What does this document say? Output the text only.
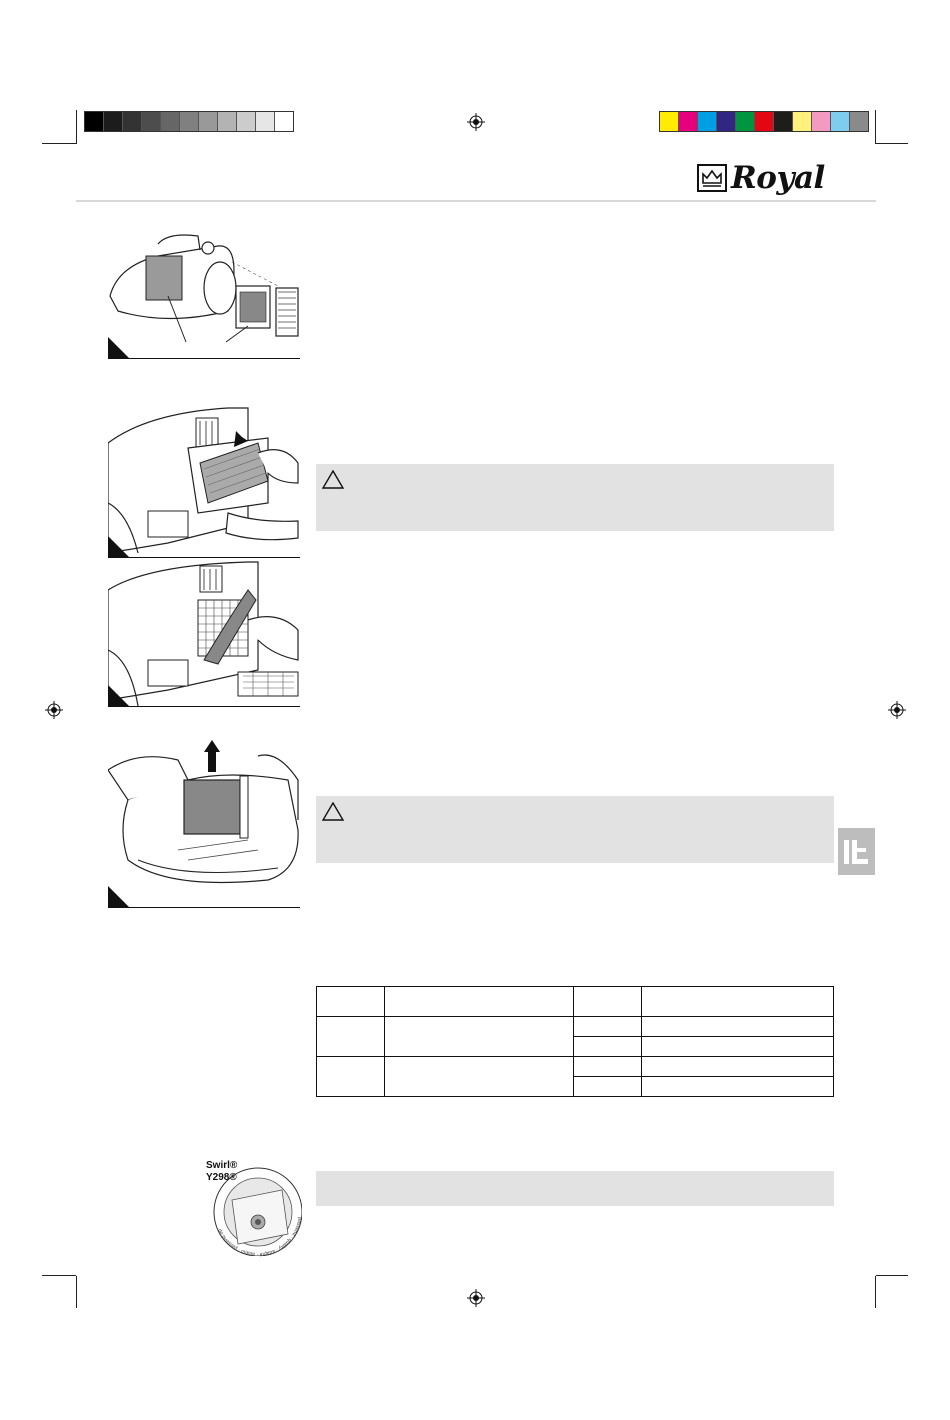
Royal

Swirl®
Y298®
passend · quality · adapté · adatto · passend op
